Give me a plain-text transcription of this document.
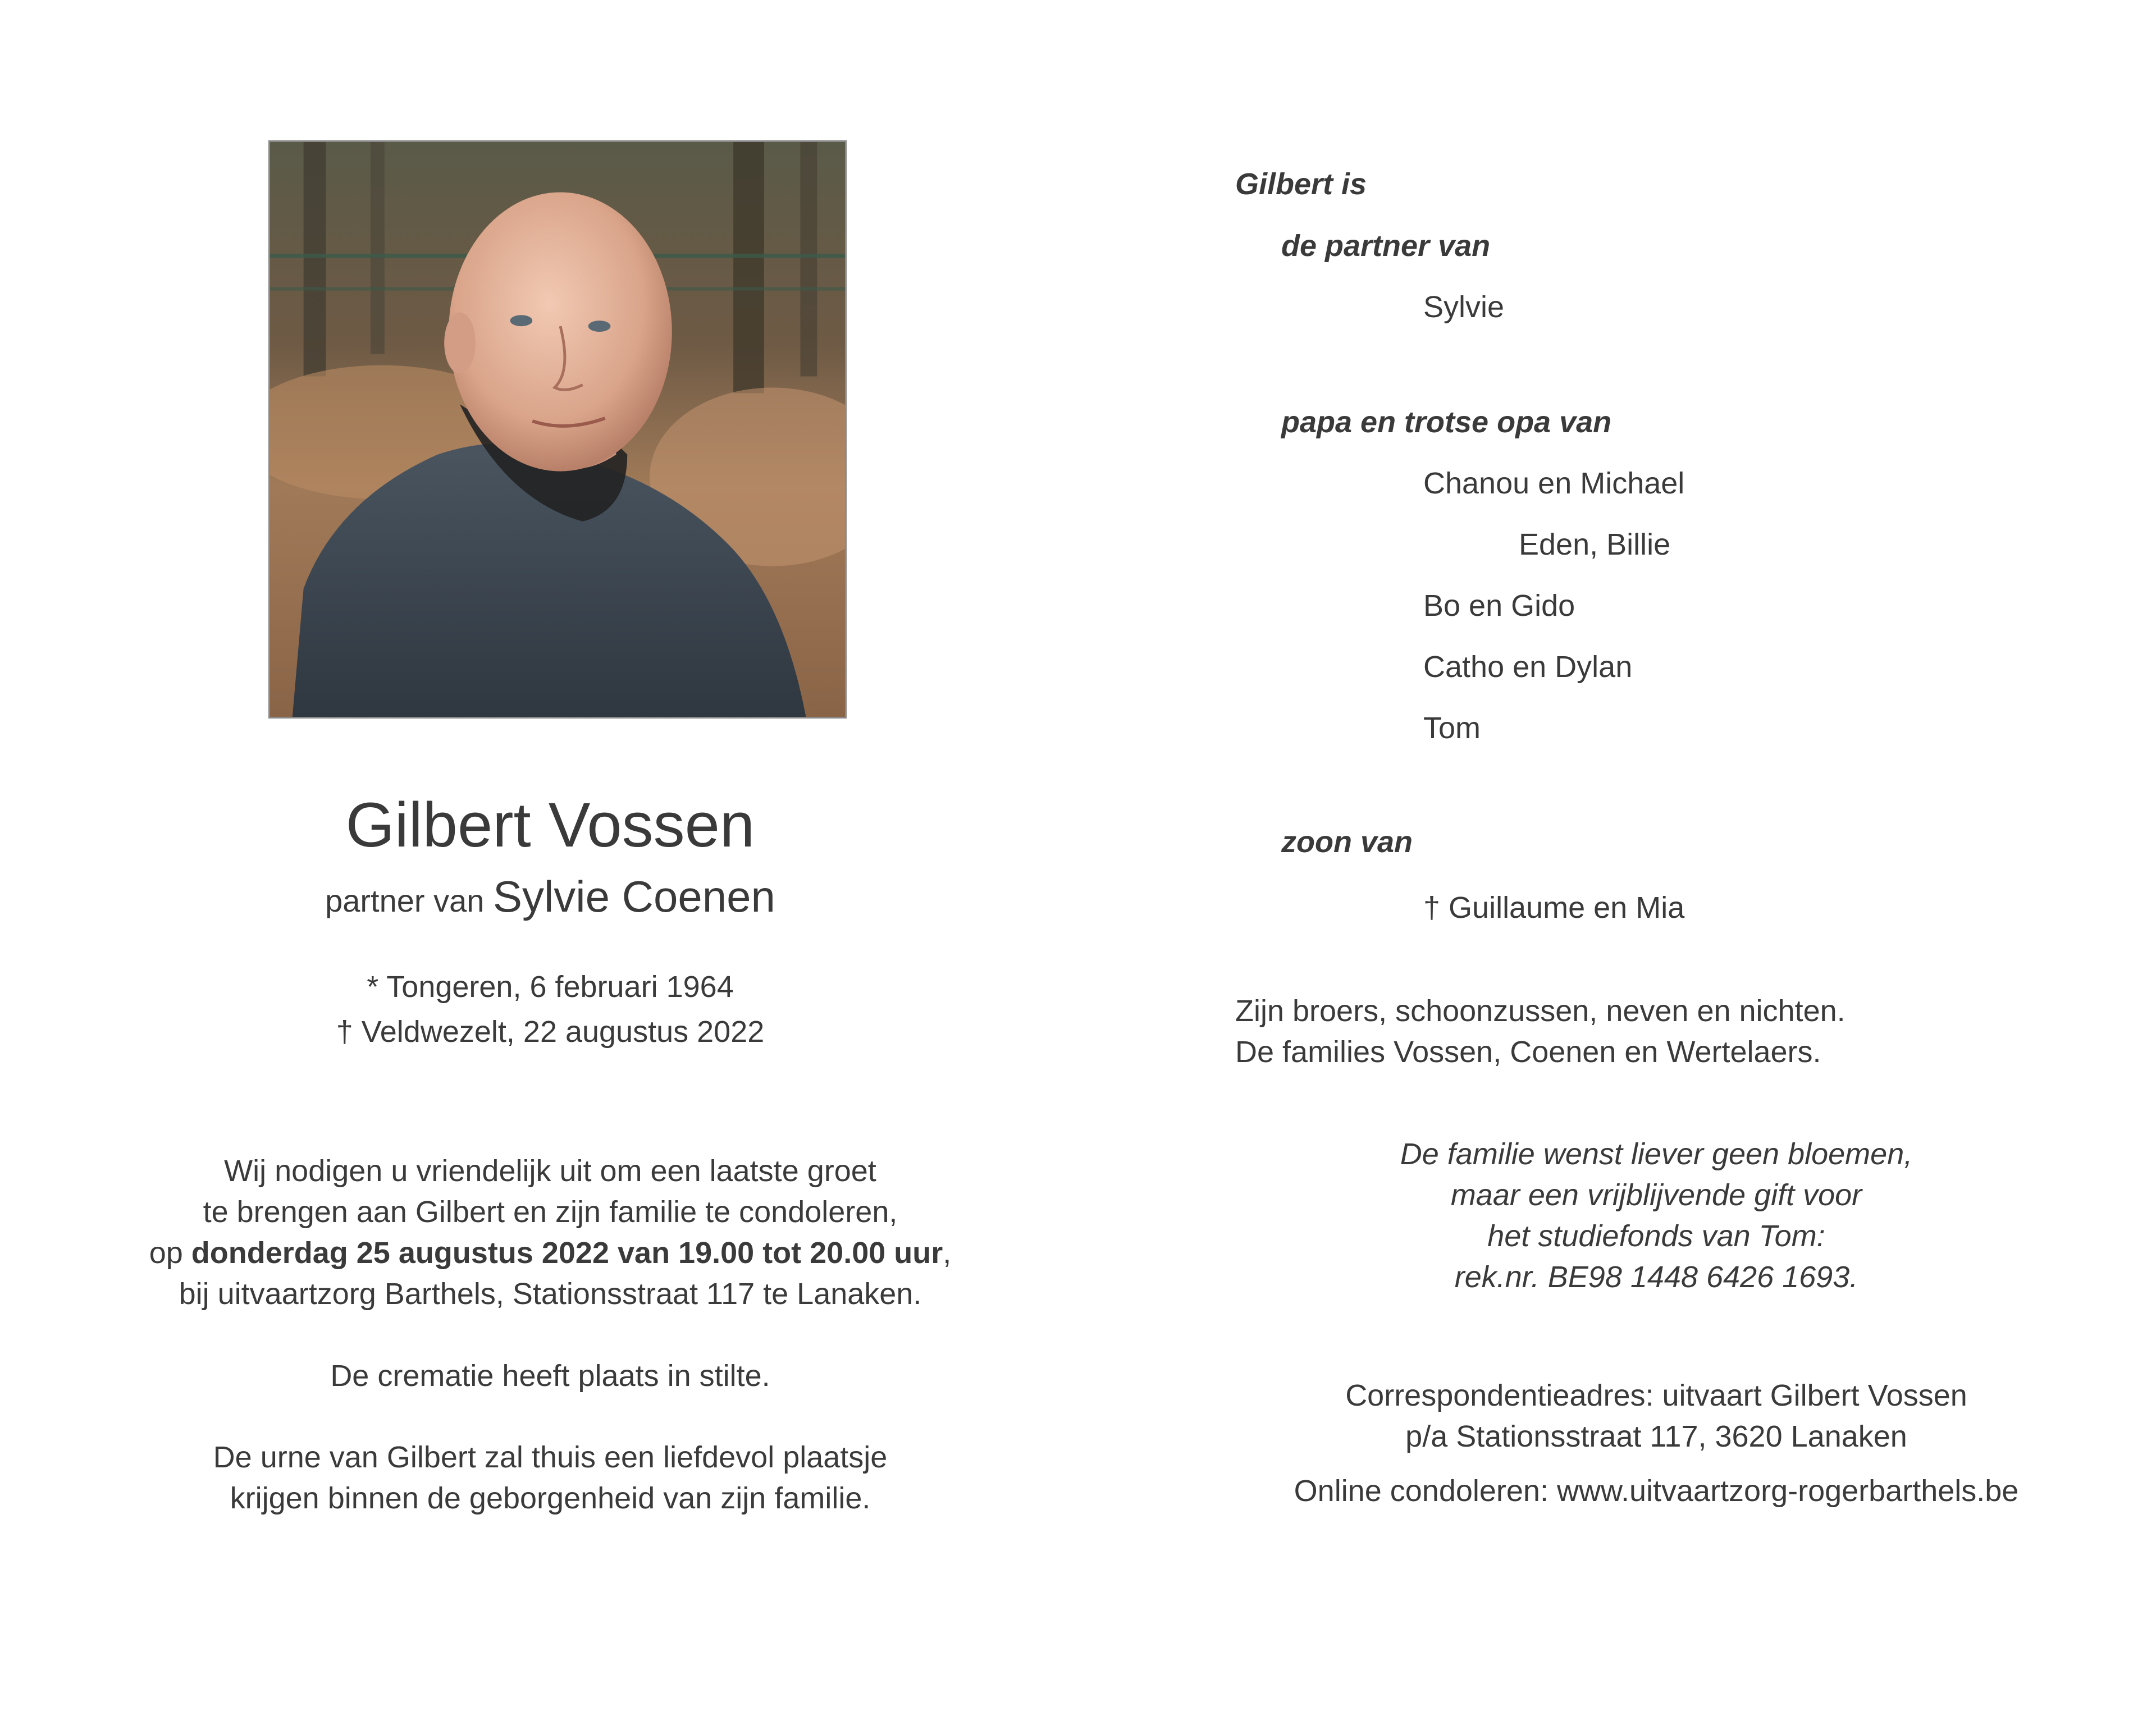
Gilbert Vossen
partner van Sylvie Coenen
* Tongeren, 6 februari 1964
† Veldwezelt, 22 augustus 2022
Wij nodigen u vriendelijk uit om een laatste groet
te brengen aan Gilbert en zijn familie te condoleren,
op donderdag 25 augustus 2022 van 19.00 tot 20.00 uur,
bij uitvaartzorg Barthels, Stationsstraat 117 te Lanaken.
De crematie heeft plaats in stilte.
De urne van Gilbert zal thuis een liefdevol plaatsje
krijgen binnen de geborgenheid van zijn familie.
Gilbert is
de partner van
Sylvie
papa en trotse opa van
Chanou en Michael
Eden, Billie
Bo en Gido
Catho en Dylan
Tom
zoon van
† Guillaume en Mia
Zijn broers, schoonzussen, neven en nichten.
De families Vossen, Coenen en Wertelaers.
De familie wenst liever geen bloemen,
maar een vrijblijvende gift voor
het studiefonds van Tom:
rek.nr. BE98 1448 6426 1693.
Correspondentieadres: uitvaart Gilbert Vossen
p/a Stationsstraat 117, 3620 Lanaken
Online condoleren: www.uitvaartzorg-rogerbarthels.be
